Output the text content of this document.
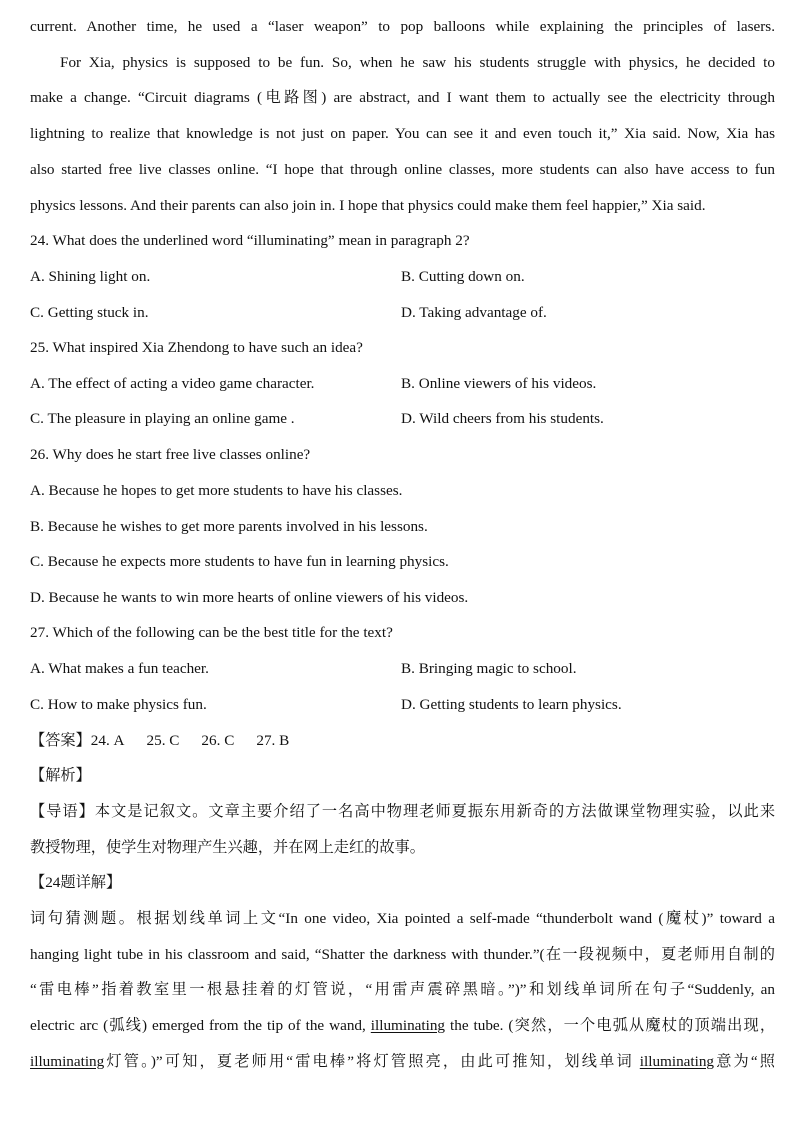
current. Another time, he used a “laser weapon” to pop balloons while explaining the principles of lasers.
For Xia, physics is supposed to be fun. So, when he saw his students struggle with physics, he decided to
make a change. “Circuit diagrams (电路图) are abstract, and I want them to actually see the electricity through
lightning to realize that knowledge is not just on paper. You can see it and even touch it,” Xia said. Now, Xia has
also started free live classes online. “I hope that through online classes, more students can also have access to fun
physics lessons. And their parents can also join in. I hope that physics could make them feel happier,” Xia said.
24. What does the underlined word “illuminating” mean in paragraph 2?
A. Shining light on.	B. Cutting down on.
C. Getting stuck in.	D. Taking advantage of.
25. What inspired Xia Zhendong to have such an idea?
A. The effect of acting a video game character.	B. Online viewers of his videos.
C. The pleasure in playing an online game .	D. Wild cheers from his students.
26. Why does he start free live classes online?
A. Because he hopes to get more students to have his classes.
B. Because he wishes to get more parents involved in his lessons.
C. Because he expects more students to have fun in learning physics.
D. Because he wants to win more hearts of online viewers of his videos.
27. Which of the following can be the best title for the text?
A. What makes a fun teacher.	B. Bringing magic to school.
C. How to make physics fun.	D. Getting students to learn physics.
【答案】24. A 25. C 26. C 27. B
【解析】
【导语】本文是记叙文。文章主要介绍了一名高中物理老师夏振东用新奇的方法做课堂物理实验，以此来
教授物理，使学生对物理产生兴趣，并在网上走红的故事。
【24题详解】
词句猜测题。根据划线单词上文“In one video, Xia pointed a self-made “thunderbolt wand (魔杖)” toward a
hanging light tube in his classroom and said, “Shatter the darkness with thunder.”(在一段视频中，夏老师用自制的
“雷电棒”指着教室里一根悬挂着的灯管说，“用雷声震碎黑暗。”)”和划线单词所在句子“Suddenly, an
electric arc (弧线) emerged from the tip of the wand, illuminating the tube. (突然，一个电弧从魔杖的顶端出现，
illuminating灯管。)”可知，夏老师用“雷电棒”将灯管照亮，由此可推知，划线单词 illuminating意为“照
